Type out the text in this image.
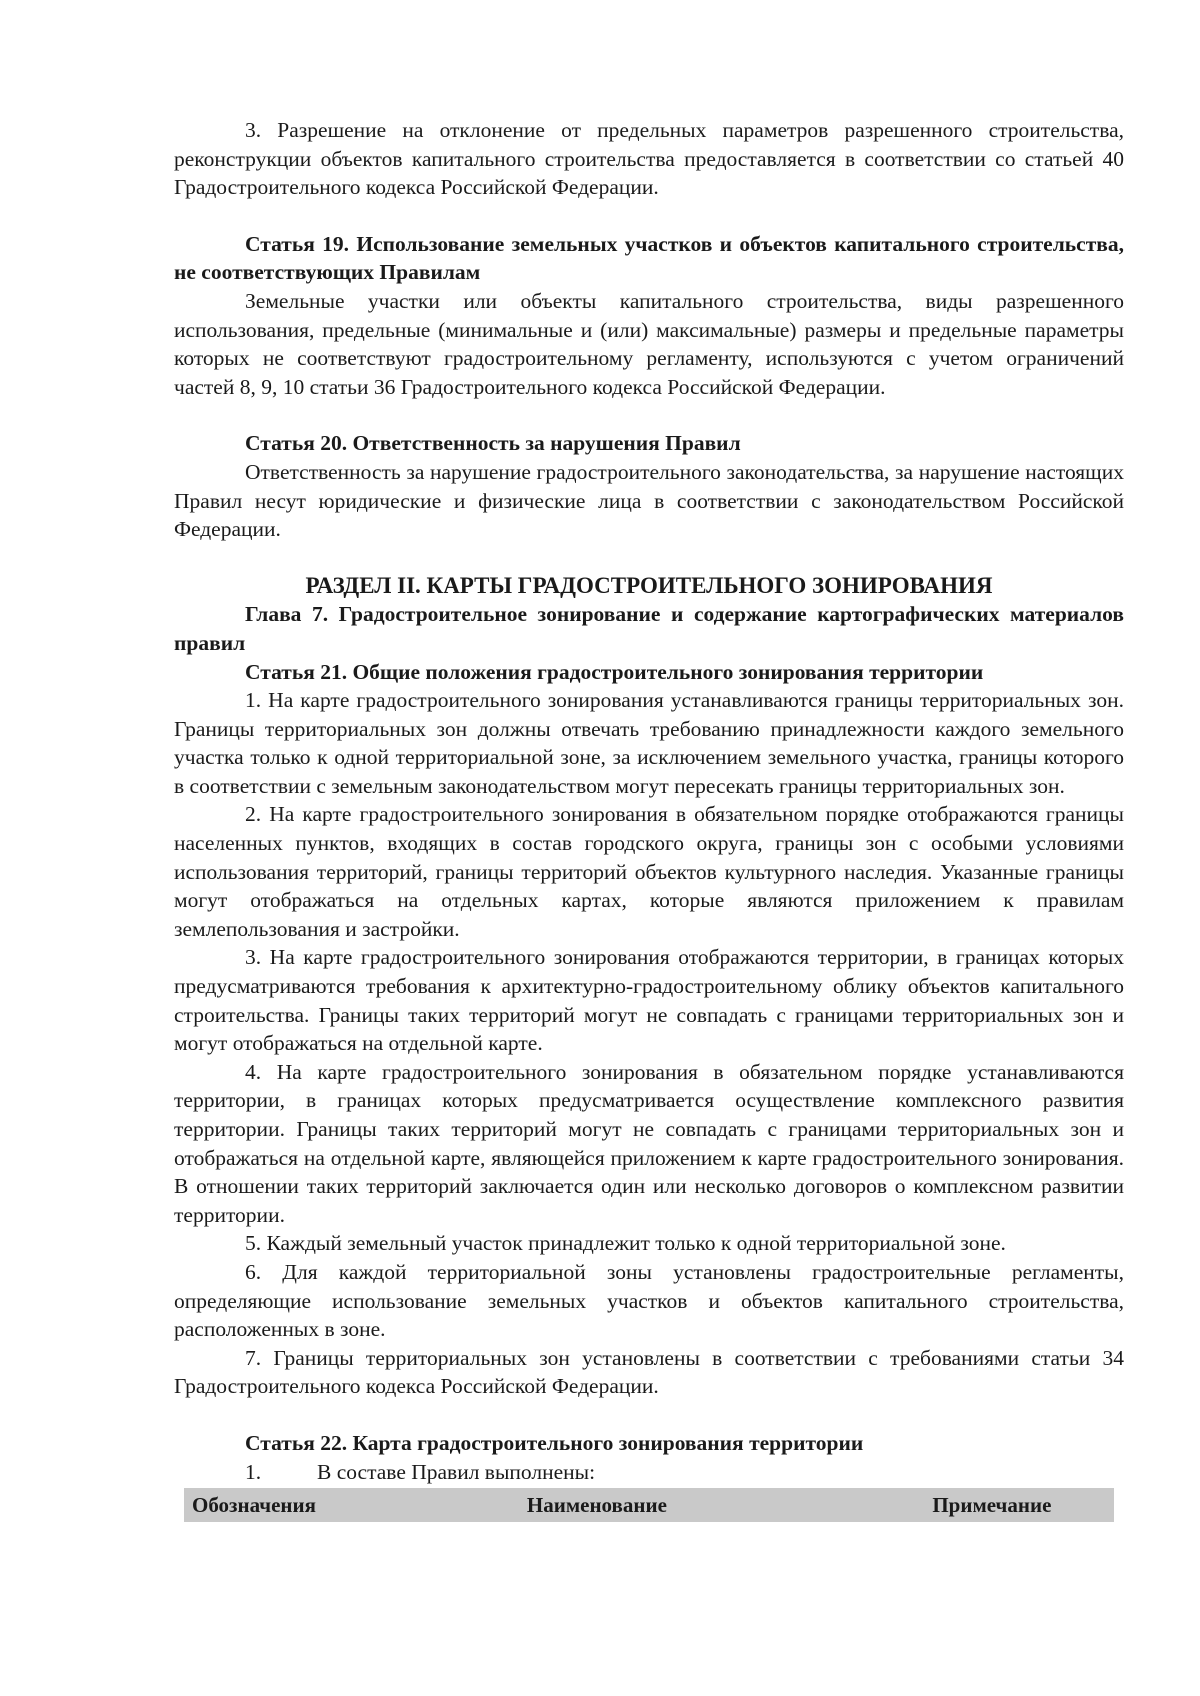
3. Разрешение на отклонение от предельных параметров разрешенного строительства, реконструкции объектов капитального строительства предоставляется в соответствии со статьей 40 Градостроительного кодекса Российской Федерации.

Статья 19. Использование земельных участков и объектов капитального строительства, не соответствующих Правилам

Земельные участки или объекты капитального строительства, виды разрешенного использования, предельные (минимальные и (или) максимальные) размеры и предельные параметры которых не соответствуют градостроительному регламенту, используются с учетом ограничений частей 8, 9, 10 статьи 36 Градостроительного кодекса Российской Федерации.

Статья 20. Ответственность за нарушения Правил

Ответственность за нарушение градостроительного законодательства, за нарушение настоящих Правил несут юридические и физические лица в соответствии с законодательством Российской Федерации.

РАЗДЕЛ II. КАРТЫ ГРАДОСТРОИТЕЛЬНОГО ЗОНИРОВАНИЯ

Глава 7. Градостроительное зонирование и содержание картографических материалов правил

Статья 21. Общие положения градостроительного зонирования территории

1. На карте градостроительного зонирования устанавливаются границы территориальных зон. Границы территориальных зон должны отвечать требованию принадлежности каждого земельного участка только к одной территориальной зоне, за исключением земельного участка, границы которого в соответствии с земельным законодательством могут пересекать границы территориальных зон.

2. На карте градостроительного зонирования в обязательном порядке отображаются границы населенных пунктов, входящих в состав городского округа, границы зон с особыми условиями использования территорий, границы территорий объектов культурного наследия. Указанные границы могут отображаться на отдельных картах, которые являются приложением к правилам землепользования и застройки.

3. На карте градостроительного зонирования отображаются территории, в границах которых предусматриваются требования к архитектурно-градостроительному облику объектов капитального строительства. Границы таких территорий могут не совпадать с границами территориальных зон и могут отображаться на отдельной карте.

4. На карте градостроительного зонирования в обязательном порядке устанавливаются территории, в границах которых предусматривается осуществление комплексного развития территории. Границы таких территорий могут не совпадать с границами территориальных зон и отображаться на отдельной карте, являющейся приложением к карте градостроительного зонирования. В отношении таких территорий заключается один или несколько договоров о комплексном развитии территории.

5. Каждый земельный участок принадлежит только к одной территориальной зоне.

6. Для каждой территориальной зоны установлены градостроительные регламенты, определяющие использование земельных участков и объектов капитального строительства, расположенных в зоне.

7. Границы территориальных зон установлены в соответствии с требованиями статьи 34 Градостроительного кодекса Российской Федерации.

Статья 22. Карта градостроительного зонирования территории

1.	В составе Правил выполнены:
Обозначения	Наименование	Примечание
